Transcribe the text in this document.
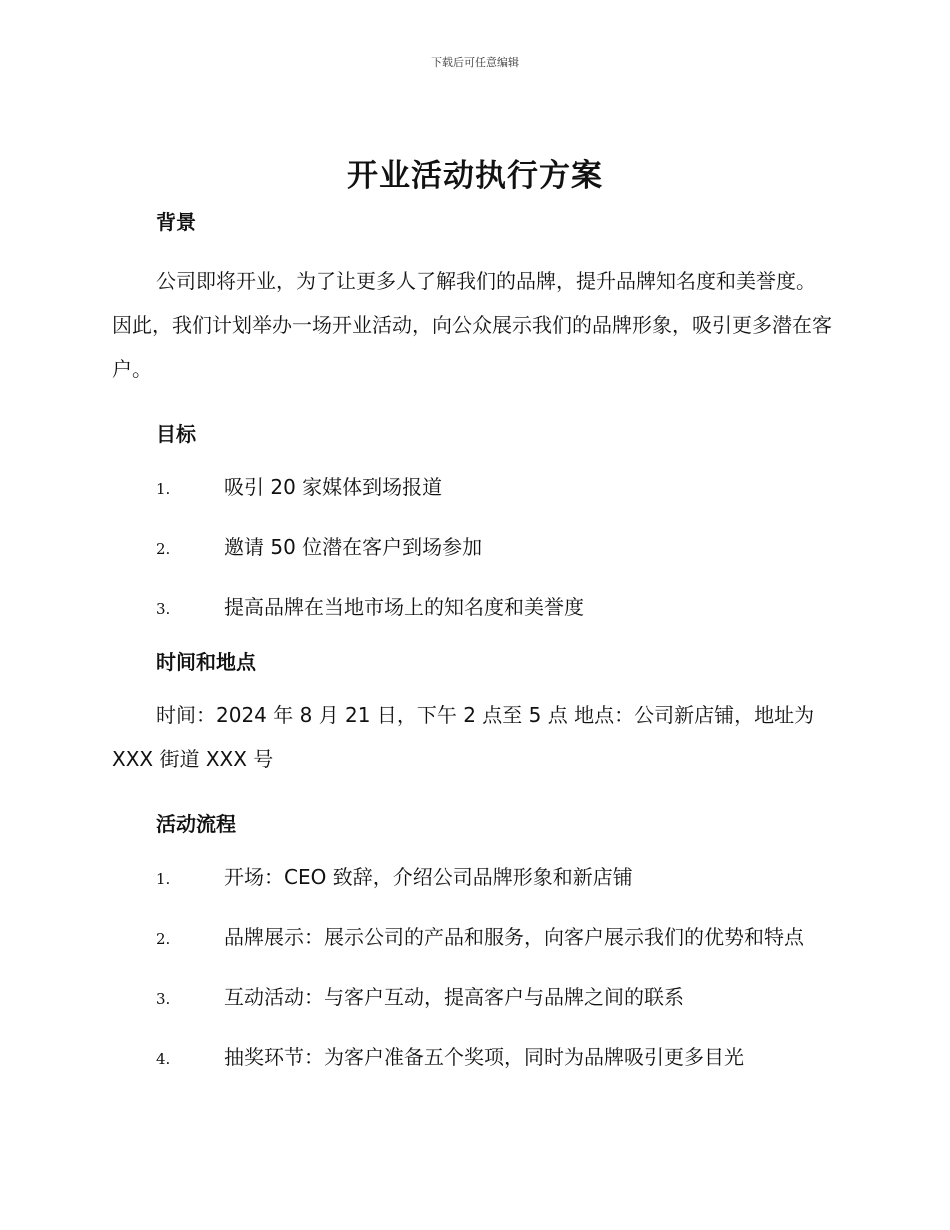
下载后可任意编辑
开业活动执行方案
背景

公司即将开业，为了让更多人了解我们的品牌，提升品牌知名度和美誉度。因此，我们计划举办一场开业活动，向公众展示我们的品牌形象，吸引更多潜在客户。

目标

1.	吸引 20 家媒体到场报道

2.	邀请 50 位潜在客户到场参加

3.	提高品牌在当地市场上的知名度和美誉度

时间和地点

时间：2024 年 8 月 21 日，下午 2 点至 5 点 地点：公司新店铺，地址为 XXX 街道 XXX 号

活动流程

1.	开场：CEO 致辞，介绍公司品牌形象和新店铺

2.	品牌展示：展示公司的产品和服务，向客户展示我们的优势和特点

3.	互动活动：与客户互动，提高客户与品牌之间的联系

4.	抽奖环节：为客户准备五个奖项，同时为品牌吸引更多目光
